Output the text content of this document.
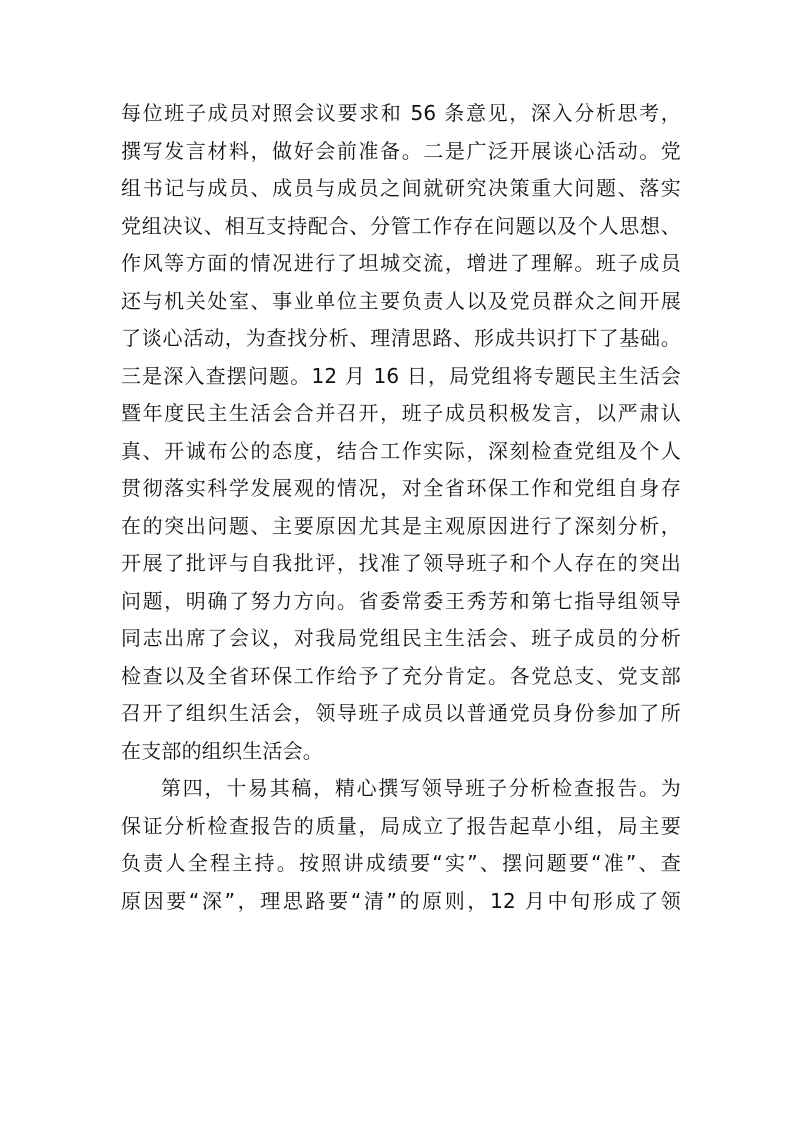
每位班子成员对照会议要求和 56 条意见，深入分析思考，
撰写发言材料，做好会前准备。二是广泛开展谈心活动。党
组书记与成员、成员与成员之间就研究决策重大问题、落实
党组决议、相互支持配合、分管工作存在问题以及个人思想、
作风等方面的情况进行了坦城交流，增进了理解。班子成员
还与机关处室、事业单位主要负责人以及党员群众之间开展
了谈心活动，为查找分析、理清思路、形成共识打下了基础。
三是深入查摆问题。12 月 16 日，局党组将专题民主生活会
暨年度民主生活会合并召开，班子成员积极发言，以严肃认
真、开诚布公的态度，结合工作实际，深刻检查党组及个人
贯彻落实科学发展观的情况，对全省环保工作和党组自身存
在的突出问题、主要原因尤其是主观原因进行了深刻分析，
开展了批评与自我批评，找准了领导班子和个人存在的突出
问题，明确了努力方向。省委常委王秀芳和第七指导组领导
同志出席了会议，对我局党组民主生活会、班子成员的分析
检查以及全省环保工作给予了充分肯定。各党总支、党支部
召开了组织生活会，领导班子成员以普通党员身份参加了所
在支部的组织生活会。
第四，十易其稿，精心撰写领导班子分析检查报告。为
保证分析检查报告的质量，局成立了报告起草小组，局主要
负责人全程主持。按照讲成绩要“实”、摆问题要“准”、查
原因要“深”，理思路要“清”的原则，12 月中旬形成了领
